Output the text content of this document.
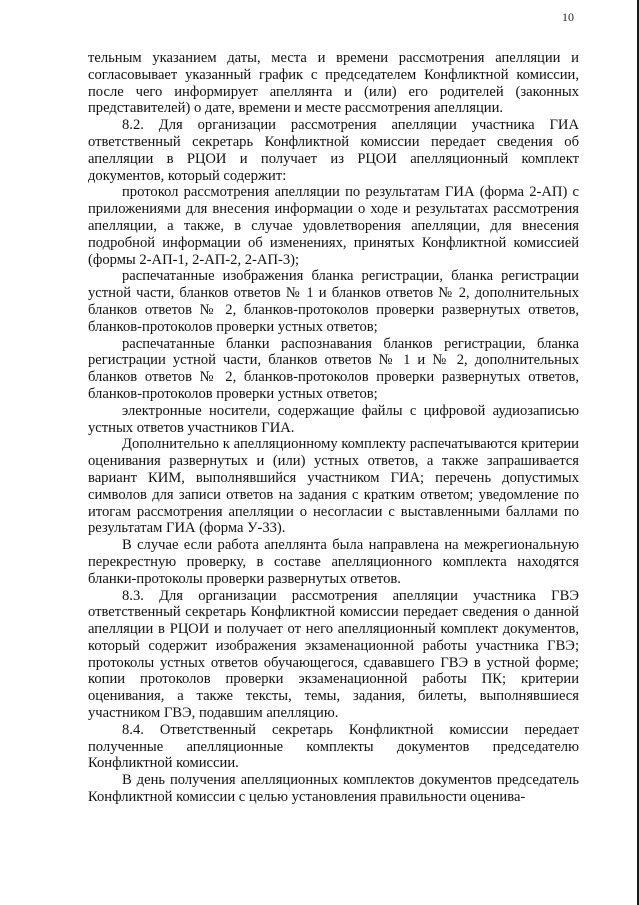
10

тельным указанием даты, места и времени рассмотрения апелляции и согласовывает указанный график с председателем Конфликтной комиссии, после чего информирует апеллянта и (или) его родителей (законных представителей) о дате, времени и месте рассмотрения апелляции.

8.2. Для организации рассмотрения апелляции участника ГИА ответственный секретарь Конфликтной комиссии передает сведения об апелляции в РЦОИ и получает из РЦОИ апелляционный комплект документов, который содержит:

протокол рассмотрения апелляции по результатам ГИА (форма 2-АП) с приложениями для внесения информации о ходе и результатах рассмотрения апелляции, а также, в случае удовлетворения апелляции, для внесения подробной информации об изменениях, принятых Конфликтной комиссией (формы 2-АП-1, 2-АП-2, 2-АП-3);

распечатанные изображения бланка регистрации, бланка регистрации устной части, бланков ответов № 1 и бланков ответов № 2, дополнительных бланков ответов № 2, бланков-протоколов проверки развернутых ответов, бланков-протоколов проверки устных ответов;

распечатанные бланки распознавания бланков регистрации, бланка регистрации устной части, бланков ответов № 1 и № 2, дополнительных бланков ответов № 2, бланков-протоколов проверки развернутых ответов, бланков-протоколов проверки устных ответов;

электронные носители, содержащие файлы с цифровой аудиозаписью устных ответов участников ГИА.

Дополнительно к апелляционному комплекту распечатываются критерии оценивания развернутых и (или) устных ответов, а также запрашивается вариант КИМ, выполнявшийся участником ГИА; перечень допустимых символов для записи ответов на задания с кратким ответом; уведомление по итогам рассмотрения апелляции о несогласии с выставленными баллами по результатам ГИА (форма У-33).

В случае если работа апеллянта была направлена на межрегиональную перекрестную проверку, в составе апелляционного комплекта находятся бланки-протоколы проверки развернутых ответов.

8.3. Для организации рассмотрения апелляции участника ГВЭ ответственный секретарь Конфликтной комиссии передает сведения о данной апелляции в РЦОИ и получает от него апелляционный комплект документов, который содержит изображения экзаменационной работы участника ГВЭ; протоколы устных ответов обучающегося, сдававшего ГВЭ в устной форме; копии протоколов проверки экзаменационной работы ПК; критерии оценивания, а также тексты, темы, задания, билеты, выполнявшиеся участником ГВЭ, подавшим апелляцию.

8.4. Ответственный секретарь Конфликтной комиссии передает полученные апелляционные комплекты документов председателю Конфликтной комиссии.

В день получения апелляционных комплектов документов председатель Конфликтной комиссии с целью установления правильности оценива-
